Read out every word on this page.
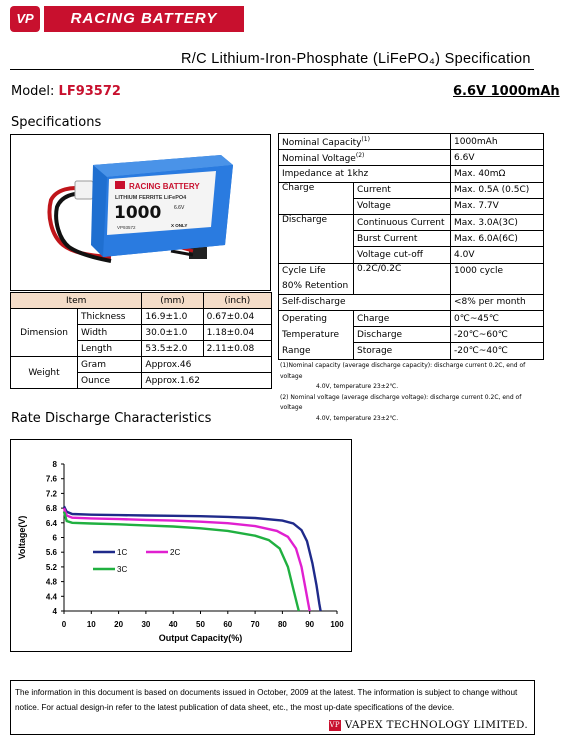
VP	RACING BATTERY
R/C Lithium-Iron-Phosphate (LiFePO₄) Specification
Model: LF93572	6.6V 1000mAh
Specifications
RACING BATTERY
LITHIUM FERRITE LiFePO4
1000	6.6V
VP93572	X ONLY
Item		(mm)	(inch)
Dimension	Thickness	16.9±1.0	0.67±0.04
	Width	30.0±1.0	1.18±0.04
	Length	53.5±2.0	2.11±0.08
Weight	Gram	Approx.46	
	Ounce	Approx.1.62	
Nominal Capacity$^{(1)}$		1000mAh
Nominal Voltage$^{(2)}$		6.6V
Impedance at 1khz		Max. 40mΩ
Charge	Current	Max. 0.5A (0.5C)
	Voltage	Max. 7.7V
Discharge	Continuous Current	Max. 3.0A(3C)
	Burst Current	Max. 6.0A(6C)
	Voltage cut-off	4.0V
Cycle Life	0.2C/0.2C	1000 cycle
80% Retention		
Self-discharge		<8% per month
Operating	Charge	0℃~45℃
Temperature	Discharge	-20℃~60℃
Range	Storage	-20℃~40℃
(1)Nominal capacity (average discharge capacity): discharge current 0.2C, end of voltage
4.0V, temperature 23±2℃.
(2) Nominal voltage (average discharge voltage): discharge current 0.2C, end of voltage
4.0V, temperature 23±2℃.
Rate Discharge Characteristics
0	10 20 30 40 50 60 70 80 90 100
4
4.4
4.8
5.2
5.6
6
6.4
6.8
7.2
7.6
8
Output Capacity(%)
Voltage(V)	1C	2C
3C
The information in this document is based on documents issued in October, 2009 at the latest. The information is subject to change without notice. For actual design-in refer to the latest publication of data sheet, etc., the most up-date specifications of the device.
VP VAPEX TECHNOLOGY LIMITED.
